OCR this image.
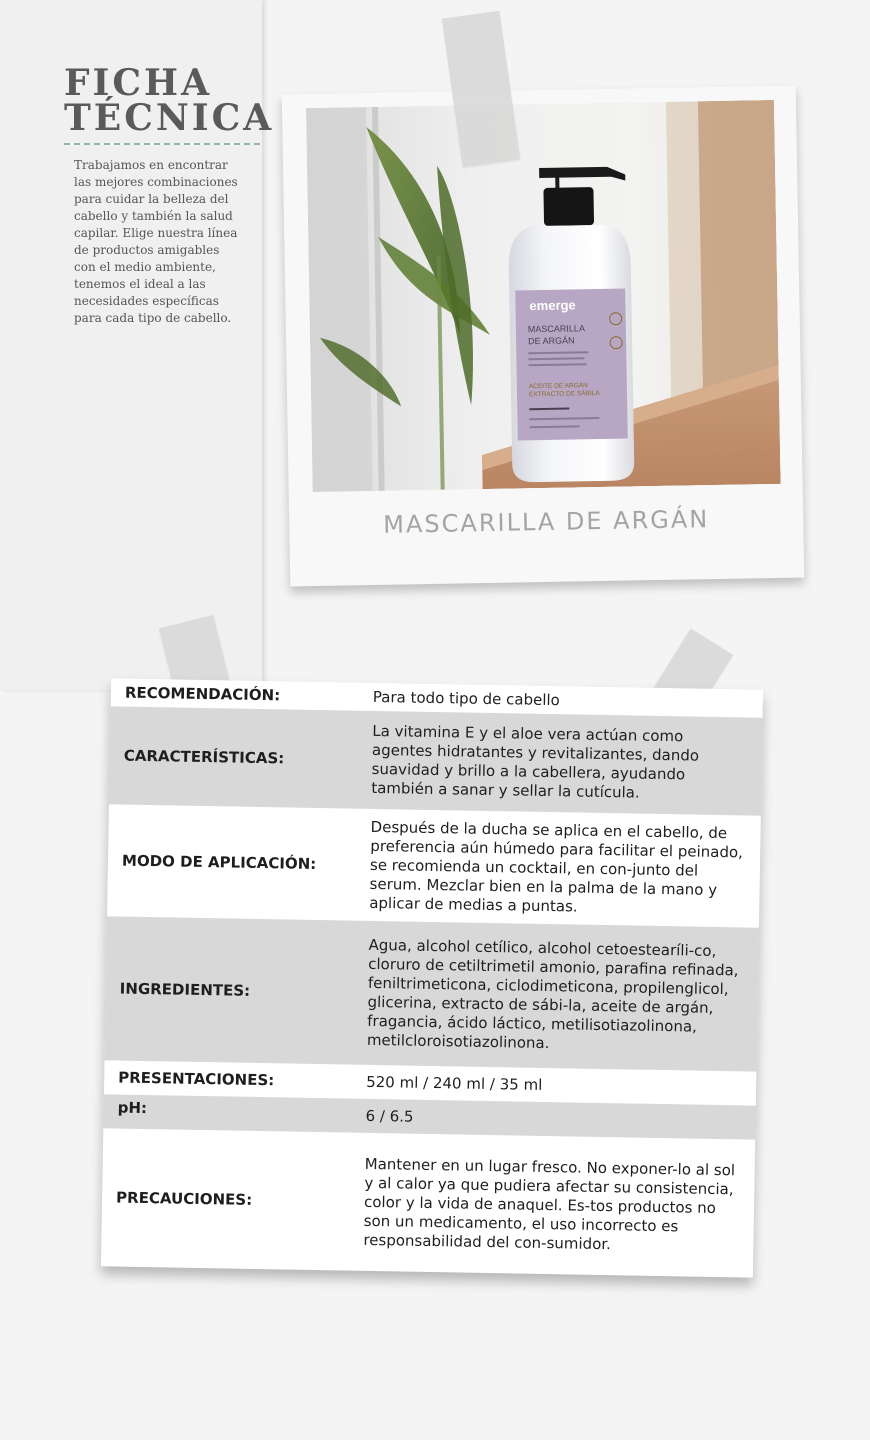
FICHA
TÉCNICA

Trabajamos en encontrar las mejores combinaciones para cuidar la belleza del cabello y también la salud capilar. Elige nuestra línea de productos amigables con el medio ambiente, tenemos el ideal a las necesidades específicas para cada tipo de cabello.

emerge
MASCARILLA
DE ARGÁN
ACEITE DE ARGÁN
EXTRACTO DE SÁBILA

MASCARILLA DE ARGÁN

RECOMENDACIÓN:	Para todo tipo de cabello
CARACTERÍSTICAS:
La vitamina E y el aloe vera actúan como agentes hidratantes y revitalizantes, dando suavidad y brillo a la cabellera, ayudando también a sanar y sellar la cutícula.
MODO DE APLICACIÓN:
Después de la ducha se aplica en el cabello, de preferencia aún húmedo para facilitar el peinado, se recomienda un cocktail, en con-junto del serum. Mezclar bien en la palma de la mano y aplicar de medias a puntas.
INGREDIENTES:
Agua, alcohol cetílico, alcohol cetoestearíli-co, cloruro de cetiltrimetil amonio, parafina refinada, feniltrimeticona, ciclodimeticona, propilenglicol, glicerina, extracto de sábi-la, aceite de argán, fragancia, ácido láctico, metilisotiazolinona, metilcloroisotiazolinona.
PRESENTACIONES:	520 ml / 240 ml / 35 ml
pH:	6 / 6.5
PRECAUCIONES:
Mantener en un lugar fresco. No exponer-lo al sol y al calor ya que pudiera afectar su consistencia, color y la vida de anaquel. Es-tos productos no son un medicamento, el uso incorrecto es responsabilidad del con-sumidor.
